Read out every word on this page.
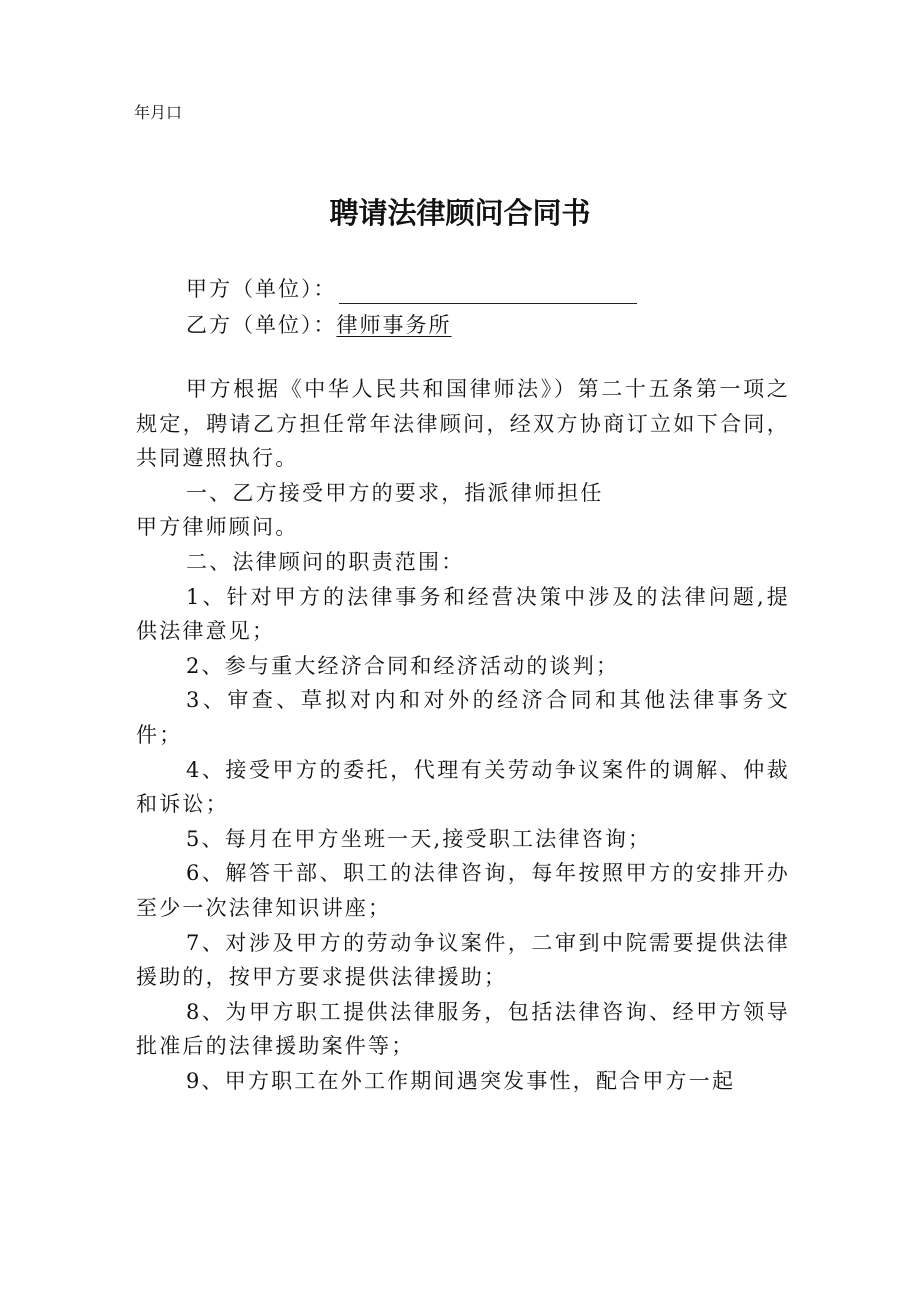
年月口
聘请法律顾问合同书
甲方（单位）：
乙方（单位）：律师事务所

甲方根据《中华人民共和国律师法》）第二十五条第一项之规定，聘请乙方担任常年法律顾问，经双方协商订立如下合同，共同遵照执行。

一、乙方接受甲方的要求，指派律师担任

甲方律师顾问。

二、法律顾问的职责范围：

1、针对甲方的法律事务和经营决策中涉及的法律问题,提供法律意见；

2、参与重大经济合同和经济活动的谈判；

3、审查、草拟对内和对外的经济合同和其他法律事务文件；

4、接受甲方的委托，代理有关劳动争议案件的调解、仲裁和诉讼；

5、每月在甲方坐班一天,接受职工法律咨询；

6、解答干部、职工的法律咨询，每年按照甲方的安排开办至少一次法律知识讲座；

7、对涉及甲方的劳动争议案件，二审到中院需要提供法律援助的，按甲方要求提供法律援助；

8、为甲方职工提供法律服务，包括法律咨询、经甲方领导批准后的法律援助案件等；

9、甲方职工在外工作期间遇突发事性，配合甲方一起
